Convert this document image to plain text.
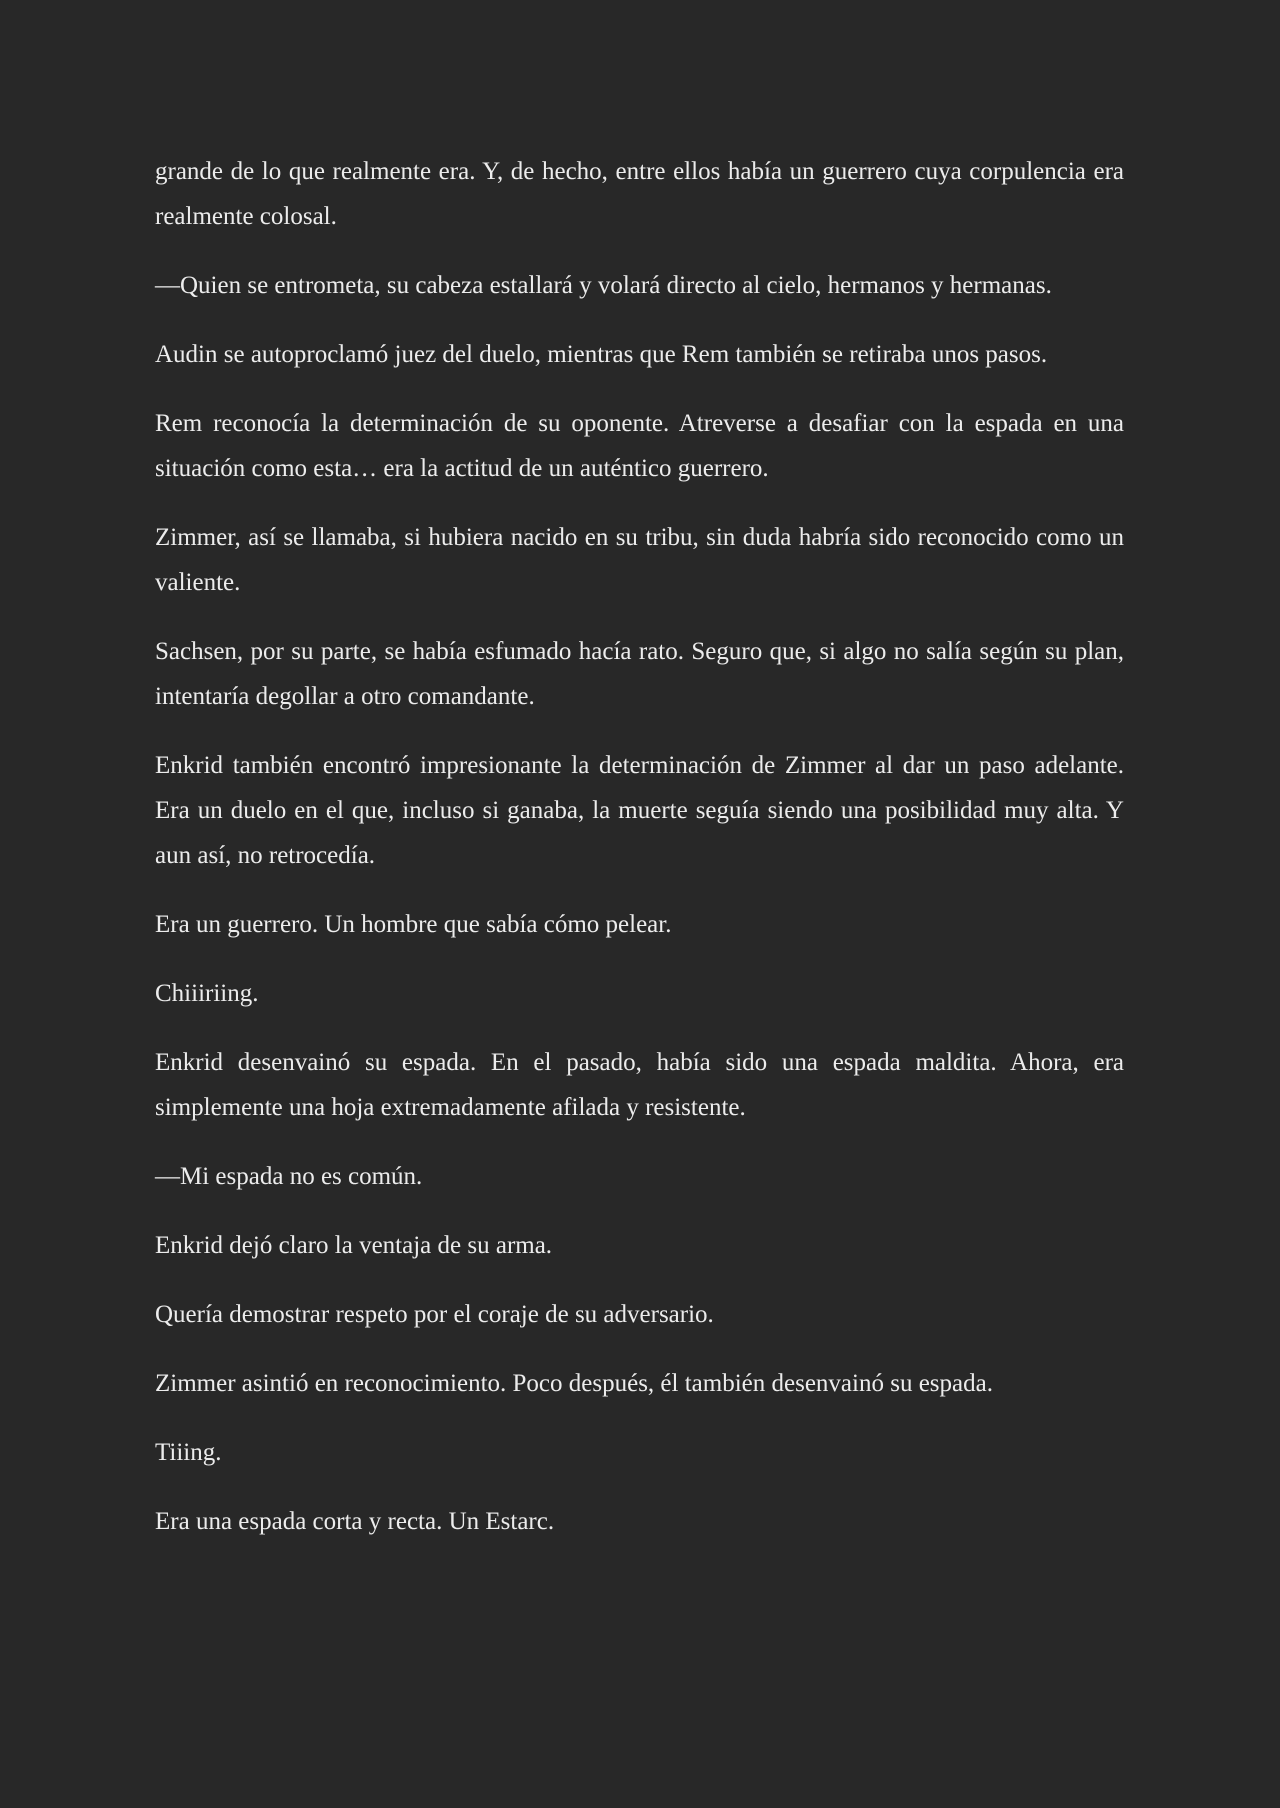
grande de lo que realmente era. Y, de hecho, entre ellos había un guerrero cuya corpulencia era realmente colosal.

—Quien se entrometa, su cabeza estallará y volará directo al cielo, hermanos y hermanas.

Audin se autoproclamó juez del duelo, mientras que Rem también se retiraba unos pasos.

Rem reconocía la determinación de su oponente. Atreverse a desafiar con la espada en una situación como esta… era la actitud de un auténtico guerrero.

Zimmer, así se llamaba, si hubiera nacido en su tribu, sin duda habría sido reconocido como un valiente.

Sachsen, por su parte, se había esfumado hacía rato. Seguro que, si algo no salía según su plan, intentaría degollar a otro comandante.

Enkrid también encontró impresionante la determinación de Zimmer al dar un paso adelante. Era un duelo en el que, incluso si ganaba, la muerte seguía siendo una posibilidad muy alta. Y aun así, no retrocedía.

Era un guerrero. Un hombre que sabía cómo pelear.

Chiiiriing.

Enkrid desenvainó su espada. En el pasado, había sido una espada maldita. Ahora, era simplemente una hoja extremadamente afilada y resistente.

—Mi espada no es común.

Enkrid dejó claro la ventaja de su arma.

Quería demostrar respeto por el coraje de su adversario.

Zimmer asintió en reconocimiento. Poco después, él también desenvainó su espada.

Tiiing.

Era una espada corta y recta. Un Estarc.
